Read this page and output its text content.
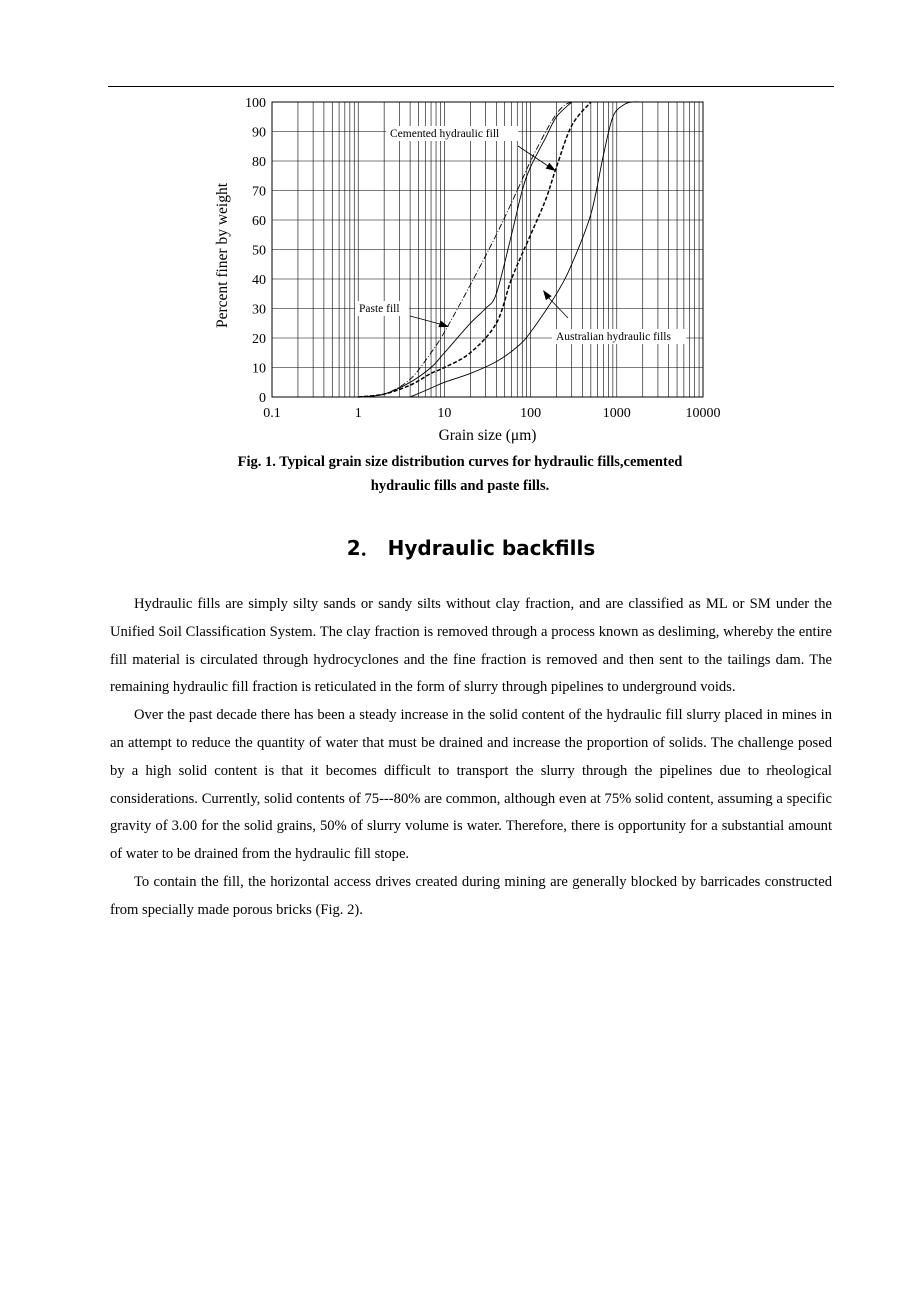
Cemented hydraulic fill
Paste fill
Australian hydraulic fills
0.1	1	10	100	1000	10000
0
10
20
30
40
50
60
70
80
90
100
Grain size (μm)
Percent finer by weight
Fig. 1. Typical grain size distribution curves for hydraulic fills,cemented
hydraulic fills and paste fills.
2． Hydraulic backfills

Hydraulic fills are simply silty sands or sandy silts without clay fraction, and are classified as ML or SM under the Unified Soil Classification System. The clay fraction is removed through a process known as desliming, whereby the entire fill material is circulated through hydrocyclones and the fine fraction is removed and then sent to the tailings dam. The remaining hydraulic fill fraction is reticulated in the form of slurry through pipelines to underground voids.

Over the past decade there has been a steady increase in the solid content of the hydraulic fill slurry placed in mines in an attempt to reduce the quantity of water that must be drained and increase the proportion of solids. The challenge posed by a high solid content is that it becomes difficult to transport the slurry through the pipelines due to rheological considerations. Currently, solid contents of 75---80% are common, although even at 75% solid content, assuming a specific gravity of 3.00 for the solid grains, 50% of slurry volume is water. Therefore, there is opportunity for a substantial amount of water to be drained from the hydraulic fill stope.

To contain the fill, the horizontal access drives created during mining are generally blocked by barricades constructed from specially made porous bricks (Fig. 2).
